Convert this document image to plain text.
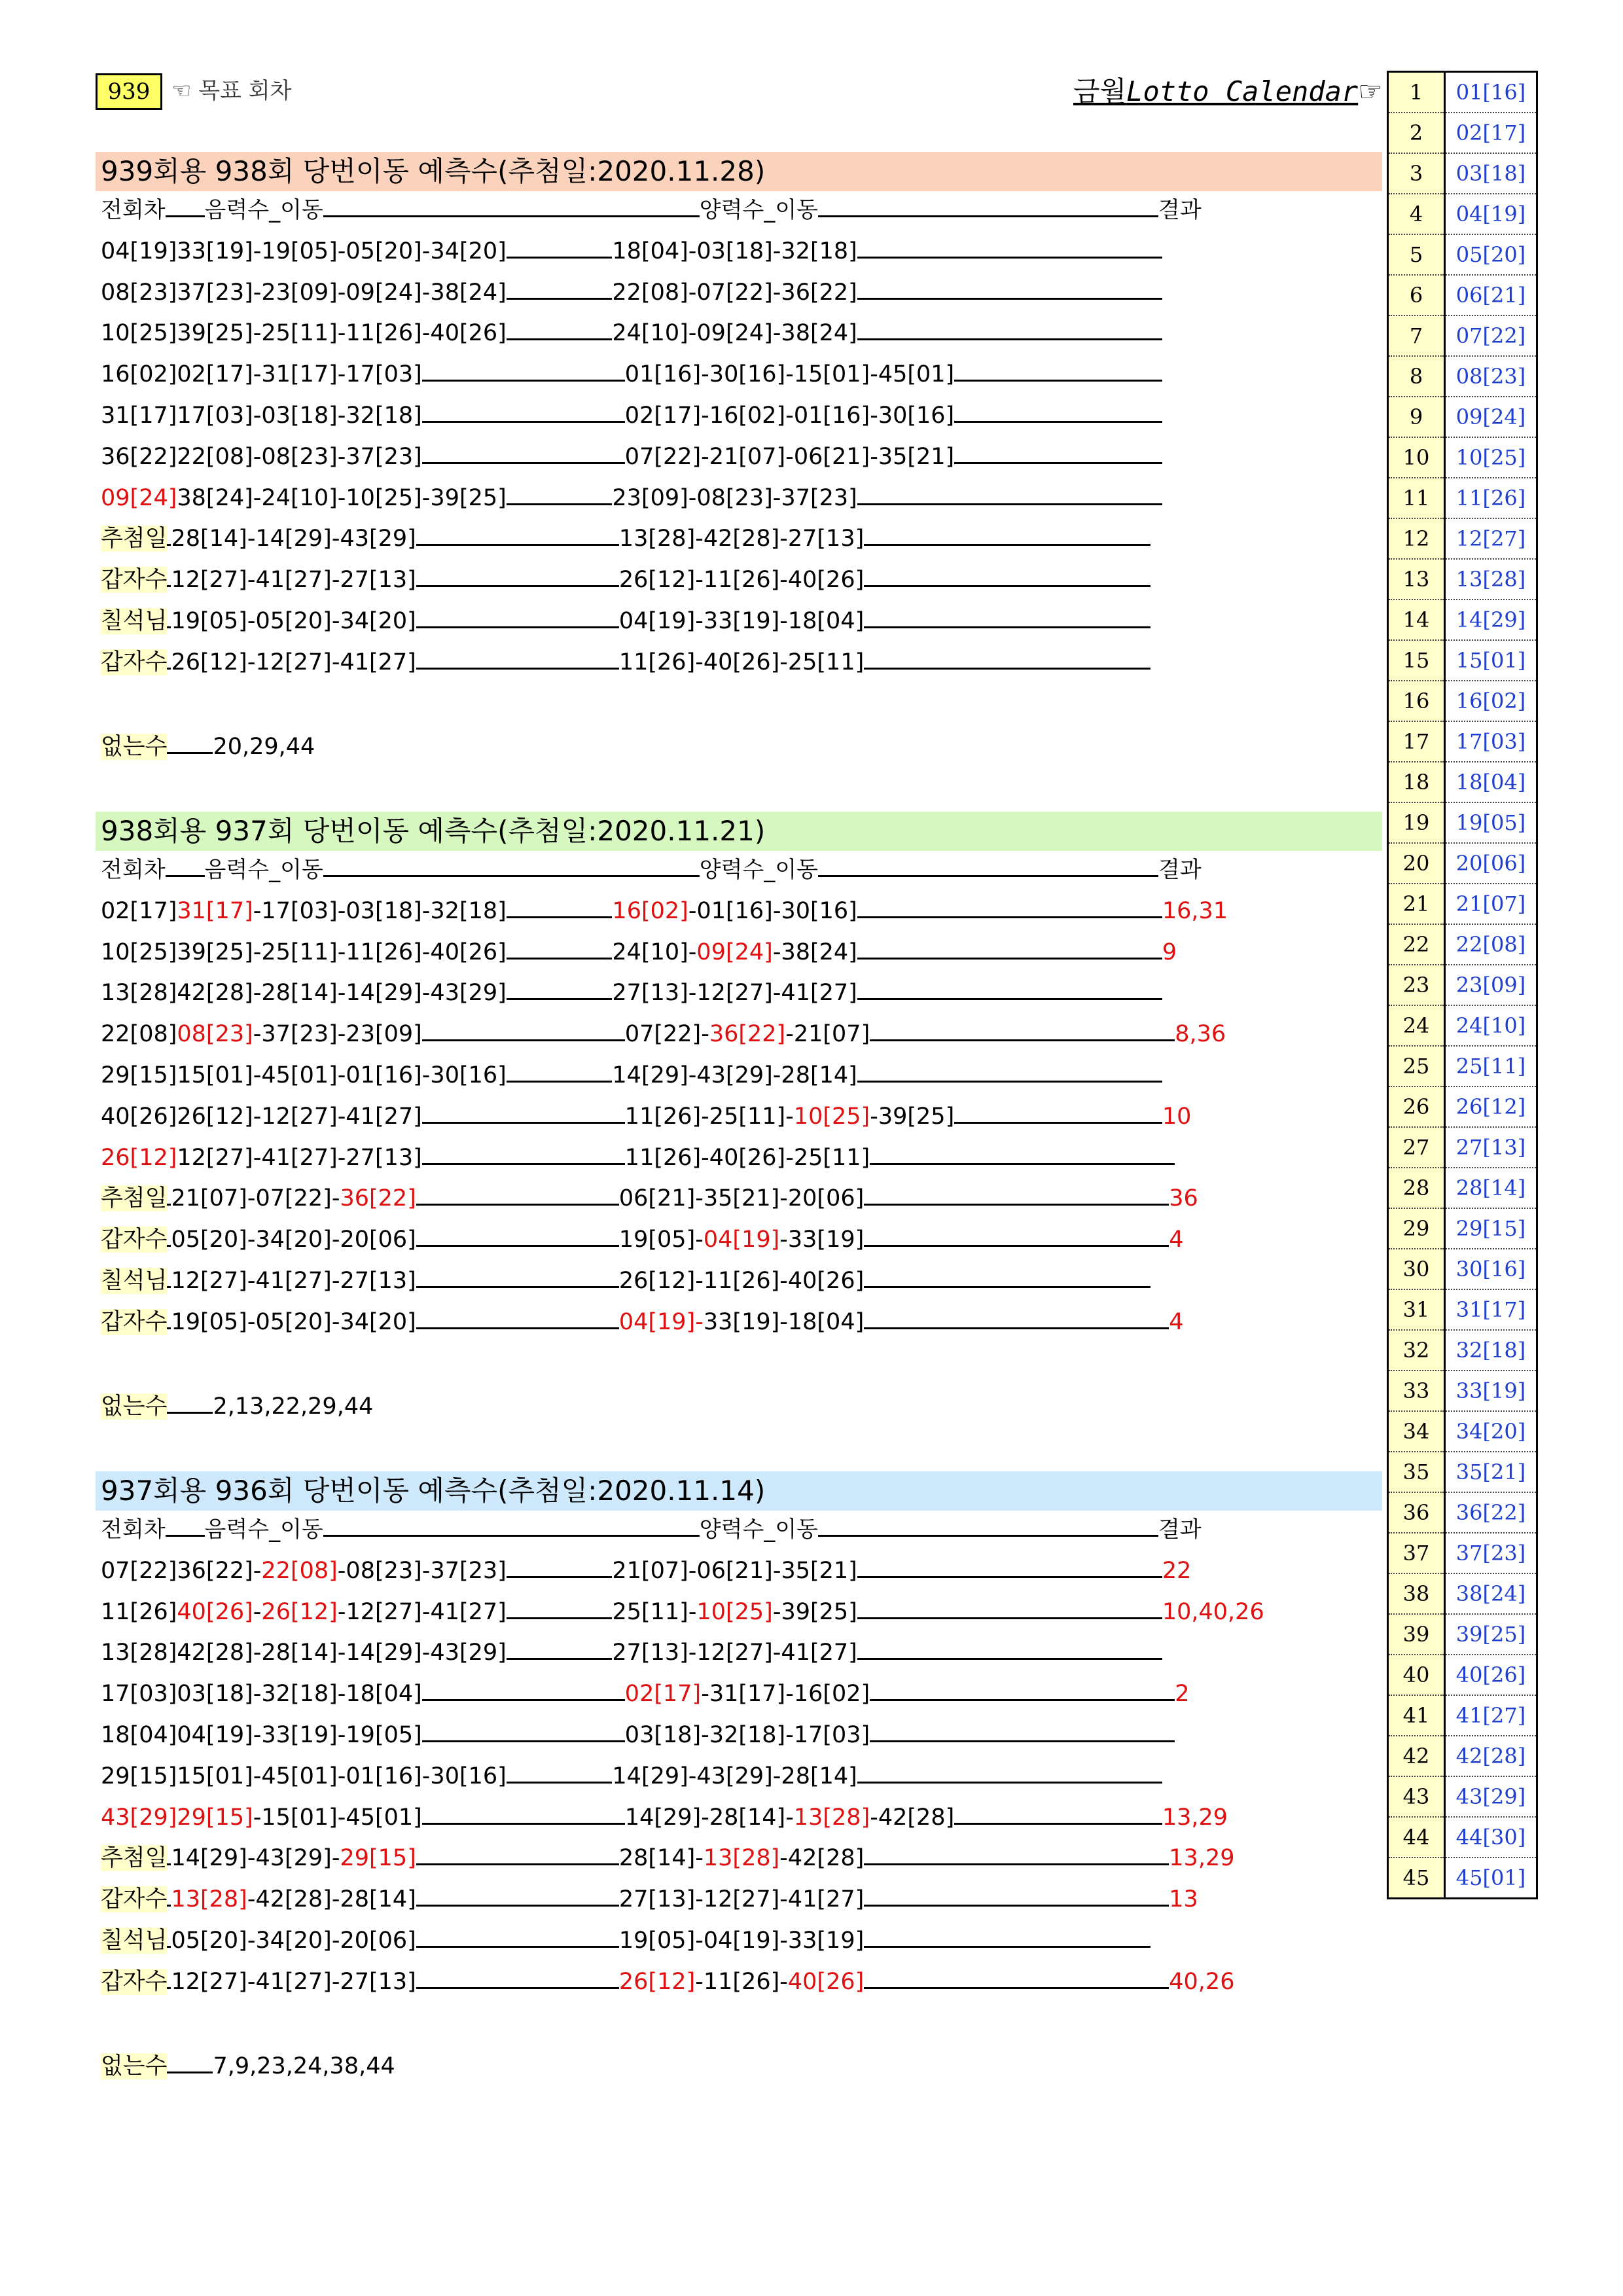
939 ☜ 목표 회차	금월Lotto Calendar☞ 1	01[16]
2	02[17]
3	03[18]
4	04[19]
5	05[20]
6	06[21]
7	07[22]
8	08[23]
9	09[24]
10	10[25]
11	11[26]
12	12[27]
13	13[28]
14	14[29]
15	15[01]
16	16[02]
17	17[03]
18	18[04]
19	19[05]
20	20[06]
21	21[07]
22	22[08]
23	23[09]
24	24[10]
25	25[11]
26	26[12]
27	27[13]
28	28[14]
29	29[15]
30	30[16]
31	31[17]
32	32[18]
33	33[19]
34	34[20]
35	35[21]
36	36[22]
37	37[23]
38	38[24]
39	39[25]
40	40[26]
41	41[27]
42	42[28]
43	43[29]
44	44[30]
45	45[01]
939회용 938회 당번이동 예측수(추첨일:2020.11.28)
전회차 음력수_이동	양력수_이동	결과
04[19]33[19]-19[05]-05[20]-34[20]	18[04]-03[18]-32[18]
08[23]37[23]-23[09]-09[24]-38[24]	22[08]-07[22]-36[22]
10[25]39[25]-25[11]-11[26]-40[26]	24[10]-09[24]-38[24]
16[02]02[17]-31[17]-17[03]	01[16]-30[16]-15[01]-45[01]
31[17]17[03]-03[18]-32[18]	02[17]-16[02]-01[16]-30[16]
36[22]22[08]-08[23]-37[23]	07[22]-21[07]-06[21]-35[21]
09[24]38[24]-24[10]-10[25]-39[25]	23[09]-08[23]-37[23]
추첨일 28[14]-14[29]-43[29]	13[28]-42[28]-27[13]
갑자수 12[27]-41[27]-27[13]	26[12]-11[26]-40[26]
칠석님 19[05]-05[20]-34[20]	04[19]-33[19]-18[04]
갑자수 26[12]-12[27]-41[27]	11[26]-40[26]-25[11]
없는수 20,29,44
938회용 937회 당번이동 예측수(추첨일:2020.11.21)
전회차 음력수_이동	양력수_이동	결과
02[17]31[17]-17[03]-03[18]-32[18]	16[02]-01[16]-30[16]	16,31
10[25]39[25]-25[11]-11[26]-40[26]	24[10]-09[24]-38[24]	9
13[28]42[28]-28[14]-14[29]-43[29]	27[13]-12[27]-41[27]
22[08]08[23]-37[23]-23[09]	07[22]-36[22]-21[07]	8,36
29[15]15[01]-45[01]-01[16]-30[16]	14[29]-43[29]-28[14]
40[26]26[12]-12[27]-41[27]	11[26]-25[11]-10[25]-39[25]	10
26[12]12[27]-41[27]-27[13]	11[26]-40[26]-25[11]
추첨일 21[07]-07[22]-36[22]	06[21]-35[21]-20[06]	36
갑자수 05[20]-34[20]-20[06]	19[05]-04[19]-33[19]	4
칠석님 12[27]-41[27]-27[13]	26[12]-11[26]-40[26]
갑자수 19[05]-05[20]-34[20]	04[19]-33[19]-18[04]	4
없는수 2,13,22,29,44
937회용 936회 당번이동 예측수(추첨일:2020.11.14)
전회차 음력수_이동	양력수_이동	결과
07[22]36[22]-22[08]-08[23]-37[23]	21[07]-06[21]-35[21]	22
11[26]40[26]-26[12]-12[27]-41[27]	25[11]-10[25]-39[25]	10,40,26
13[28]42[28]-28[14]-14[29]-43[29]	27[13]-12[27]-41[27]
17[03]03[18]-32[18]-18[04]	02[17]-31[17]-16[02]	2
18[04]04[19]-33[19]-19[05]	03[18]-32[18]-17[03]
29[15]15[01]-45[01]-01[16]-30[16]	14[29]-43[29]-28[14]
43[29]29[15]-15[01]-45[01]	14[29]-28[14]-13[28]-42[28]	13,29
추첨일 14[29]-43[29]-29[15]	28[14]-13[28]-42[28]	13,29
갑자수 13[28]-42[28]-28[14]	27[13]-12[27]-41[27]	13
칠석님 05[20]-34[20]-20[06]	19[05]-04[19]-33[19]
갑자수 12[27]-41[27]-27[13]	26[12]-11[26]-40[26]	40,26
없는수 7,9,23,24,38,44
